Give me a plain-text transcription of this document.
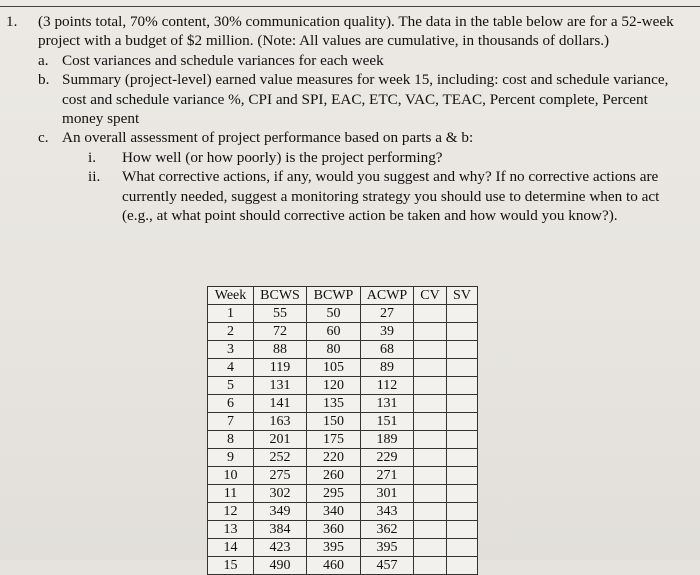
1. (3 points total, 70% content, 30% communication quality). The data in the table below are for a 52-week project with a budget of $2 million. (Note: All values are cumulative, in thousands of dollars.)
a. Cost variances and schedule variances for each week
b. Summary (project-level) earned value measures for week 15, including: cost and schedule variance, cost and schedule variance %, CPI and SPI, EAC, ETC, VAC, TEAC, Percent complete, Percent money spent
c. An overall assessment of project performance based on parts a & b:
i. How well (or how poorly) is the project performing?
ii. What corrective actions, if any, would you suggest and why? If no corrective actions are currently needed, suggest a monitoring strategy you should use to determine when to act (e.g., at what point should corrective action be taken and how would you know?).
Week	BCWS	BCWP	ACWP	CV	SV
1	55	50	27		
2	72	60	39		
3	88	80	68		
4	119	105	89		
5	131	120	112		
6	141	135	131		
7	163	150	151		
8	201	175	189		
9	252	220	229		
10	275	260	271		
11	302	295	301		
12	349	340	343		
13	384	360	362		
14	423	395	395		
15	490	460	457		
